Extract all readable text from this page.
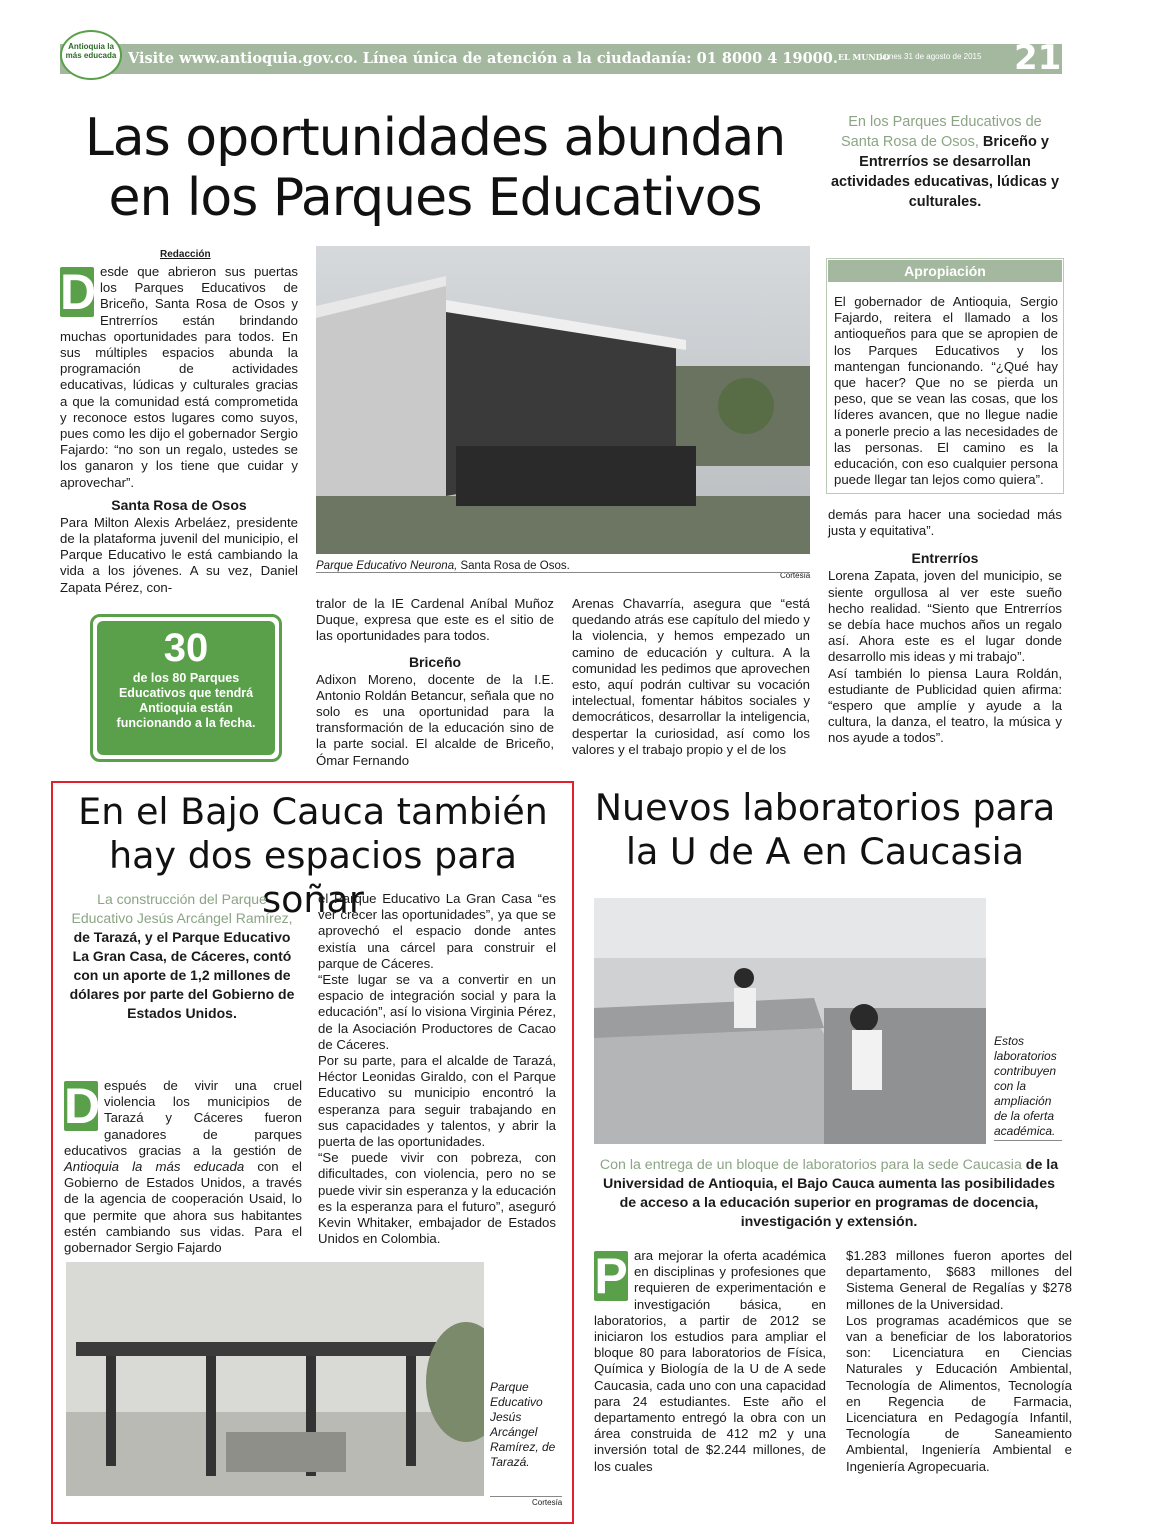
Antioquia la más educada Visite www.antioquia.gov.co. Línea única de atención a la ciudadanía: 01 8000 4 19000. EL MUNDO
Lunes 31 de agosto de 2015 21
Las oportunidades abundan
en los Parques Educativos
En los Parques Educativos de Santa Rosa de Osos, Briceño y Entrerríos se desarrollan actividades educativas, lúdicas y culturales.
Redacción
D esde que abrieron sus puertas los Parques Educativos de Briceño, Santa Rosa de Osos y Entrerríos están brindando muchas oportunidades para todos. En sus múltiples espacios abunda la programación de actividades educativas, lúdicas y culturales gracias a que la comunidad está comprometida y reconoce estos lugares como suyos, pues como les dijo el gobernador Sergio Fajardo: “no son un regalo, ustedes se los ganaron y los tiene que cuidar y aprovechar”.

Santa Rosa de Osos

Para Milton Alexis Arbeláez, presidente de la plataforma juvenil del municipio, el Parque Educativo le está cambiando la vida a los jóvenes. A su vez, Daniel Zapata Pérez, con-

Parque Educativo Neurona, Santa Rosa de Osos.
Cortesía
30
de los 80 Parques Educativos que tendrá Antioquia están funcionando a la fecha.

tralor de la IE Cardenal Aníbal Muñoz Duque, expresa que este es el sitio de las oportunidades para todos.

Briceño

Adixon Moreno, docente de la I.E. Antonio Roldán Betancur, señala que no solo es una oportunidad para la transformación de la educación sino de la parte social. El alcalde de Briceño, Ómar Fernando

Arenas Chavarría, asegura que “está quedando atrás ese capítulo del miedo y la violencia, y hemos empezado un camino de educación y cultura. A la comunidad les pedimos que aprovechen esto, aquí podrán cultivar su vocación intelectual, fomentar hábitos sociales y democráticos, desarrollar la inteligencia, despertar la curiosidad, así como los valores y el trabajo propio y el de los

Apropiación

El gobernador de Antioquia, Sergio Fajardo, reitera el llamado a los antioqueños para que se apropien de los Parques Educativos y los mantengan funcionando. “¿Qué hay que hacer? Que no se pierda un peso, que se vean las cosas, que los líderes avancen, que no llegue nadie a ponerle precio a las necesidades de las personas. El camino es la educación, con eso cualquier persona puede llegar tan lejos como quiera”.

demás para hacer una sociedad más justa y equitativa”.

Entrerríos

Lorena Zapata, joven del municipio, se siente orgullosa al ver este sueño hecho realidad. “Siento que Entrerríos se debía hace muchos años un regalo así. Ahora este es el lugar donde desarrollo mis ideas y mi trabajo”.

Así también lo piensa Laura Roldán, estudiante de Publicidad quien afirma: “espero que amplíe y ayude a la cultura, la danza, el teatro, la música y nos ayude a todos”.

En el Bajo Cauca también
hay dos espacios para soñar
La construcción del Parque Educativo Jesús Arcángel Ramírez, de Tarazá, y el Parque Educativo La Gran Casa, de Cáceres, contó con un aporte de 1,2 millones de dólares por parte del Gobierno de Estados Unidos.
D espués de vivir una cruel violencia los municipios de Tarazá y Cáceres fueron ganadores de parques educativos gracias a la gestión de Antioquia la más educada con el Gobierno de Estados Unidos, a través de la agencia de cooperación Usaid, lo que permite que ahora sus habitantes estén cambiando sus vidas. Para el gobernador Sergio Fajardo

el Parque Educativo La Gran Casa “es ver crecer las oportunidades”, ya que se aprovechó el espacio donde antes existía una cárcel para construir el parque de Cáceres.

“Este lugar se va a convertir en un espacio de integración social y para la educación”, así lo visiona Virginia Pérez, de la Asociación Productores de Cacao de Cáceres.

Por su parte, para el alcalde de Tarazá, Héctor Leonidas Giraldo, con el Parque Educativo su municipio encontró la esperanza para seguir trabajando en sus capacidades y talentos, y abrir la puerta de las oportunidades.

“Se puede vivir con pobreza, con dificultades, con violencia, pero no se puede vivir sin esperanza y la educación es la esperanza para el futuro”, aseguró Kevin Whitaker, embajador de Estados Unidos en Colombia.

Parque Educativo Jesús Arcángel Ramírez, de Tarazá.
Cortesía
Nuevos laboratorios para
la U de A en Caucasia
Estos laboratorios contribuyen con la ampliación de la oferta académica.
Con la entrega de un bloque de laboratorios para la sede Caucasia de la Universidad de Antioquia, el Bajo Cauca aumenta las posibilidades de acceso a la educación superior en programas de docencia, investigación y extensión.
P ara mejorar la oferta académica en disciplinas y profesiones que requieren de experimentación e investigación básica, en laboratorios, a partir de 2012 se iniciaron los estudios para ampliar el bloque 80 para laboratorios de Física, Química y Biología de la U de A sede Caucasia, cada uno con una capacidad para 24 estudiantes. Este año el departamento entregó la obra con un área construida de 412 m2 y una inversión total de $2.244 millones, de los cuales

$1.283 millones fueron aportes del departamento, $683 millones del Sistema General de Regalías y $278 millones de la Universidad.

Los programas académicos que se van a beneficiar de los laboratorios son: Licenciatura en Ciencias Naturales y Educación Ambiental, Tecnología de Alimentos, Tecnología en Regencia de Farmacia, Licenciatura en Pedagogía Infantil, Tecnología de Saneamiento Ambiental, Ingeniería Ambiental e Ingeniería Agropecuaria.
